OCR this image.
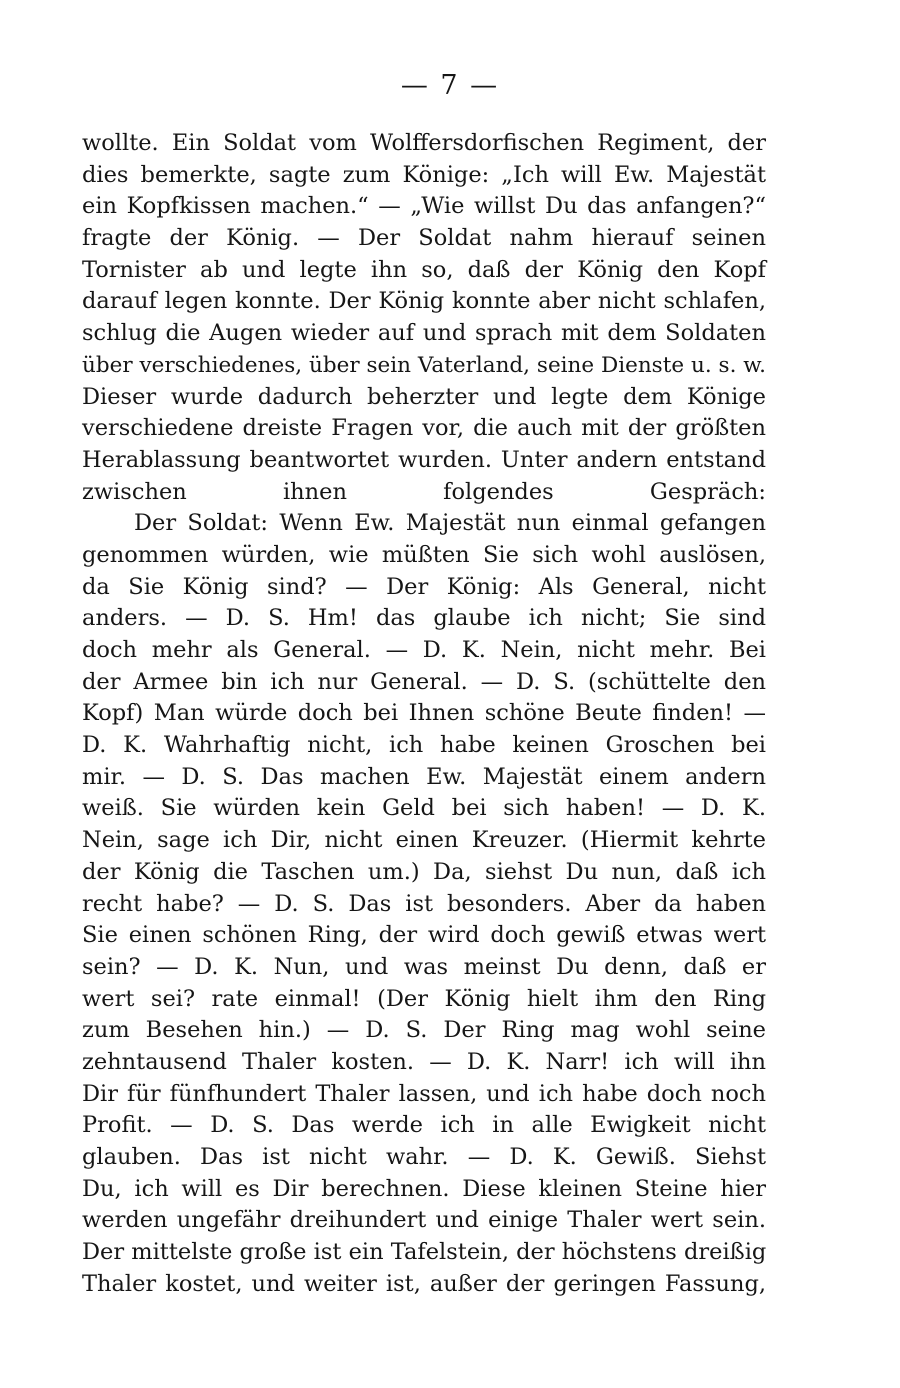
— 7 —
wollte. Ein Soldat vom Wolffersdorfischen Regiment, der
dies bemerkte, sagte zum Könige: „Ich will Ew. Majestät
ein Kopfkissen machen.“ — „Wie willst Du das anfangen?“
fragte der König. — Der Soldat nahm hierauf seinen
Tornister ab und legte ihn so, daß der König den Kopf
darauf legen konnte. Der König konnte aber nicht schlafen,
schlug die Augen wieder auf und sprach mit dem Soldaten
über verschiedenes, über sein Vaterland, seine Dienste u. s. w.
Dieser wurde dadurch beherzter und legte dem Könige
verschiedene dreiste Fragen vor, die auch mit der größten
Herablassung beantwortet wurden. Unter andern entstand
zwischen ihnen folgendes Gespräch:
Der Soldat: Wenn Ew. Majestät nun einmal gefangen
genommen würden, wie müßten Sie sich wohl auslösen,
da Sie König sind? — Der König: Als General, nicht
anders. — D. S. Hm! das glaube ich nicht; Sie sind
doch mehr als General. — D. K. Nein, nicht mehr. Bei
der Armee bin ich nur General. — D. S. (schüttelte den
Kopf) Man würde doch bei Ihnen schöne Beute finden! —
D. K. Wahrhaftig nicht, ich habe keinen Groschen bei
mir. — D. S. Das machen Ew. Majestät einem andern
weiß. Sie würden kein Geld bei sich haben! — D. K.
Nein, sage ich Dir, nicht einen Kreuzer. (Hiermit kehrte
der König die Taschen um.) Da, siehst Du nun, daß ich
recht habe? — D. S. Das ist besonders. Aber da haben
Sie einen schönen Ring, der wird doch gewiß etwas wert
sein? — D. K. Nun, und was meinst Du denn, daß er
wert sei? rate einmal! (Der König hielt ihm den Ring
zum Besehen hin.) — D. S. Der Ring mag wohl seine
zehntausend Thaler kosten. — D. K. Narr! ich will ihn
Dir für fünfhundert Thaler lassen, und ich habe doch noch
Profit. — D. S. Das werde ich in alle Ewigkeit nicht
glauben. Das ist nicht wahr. — D. K. Gewiß. Siehst
Du, ich will es Dir berechnen. Diese kleinen Steine hier
werden ungefähr dreihundert und einige Thaler wert sein.
Der mittelste große ist ein Tafelstein, der höchstens dreißig
Thaler kostet, und weiter ist, außer der geringen Fassung,
